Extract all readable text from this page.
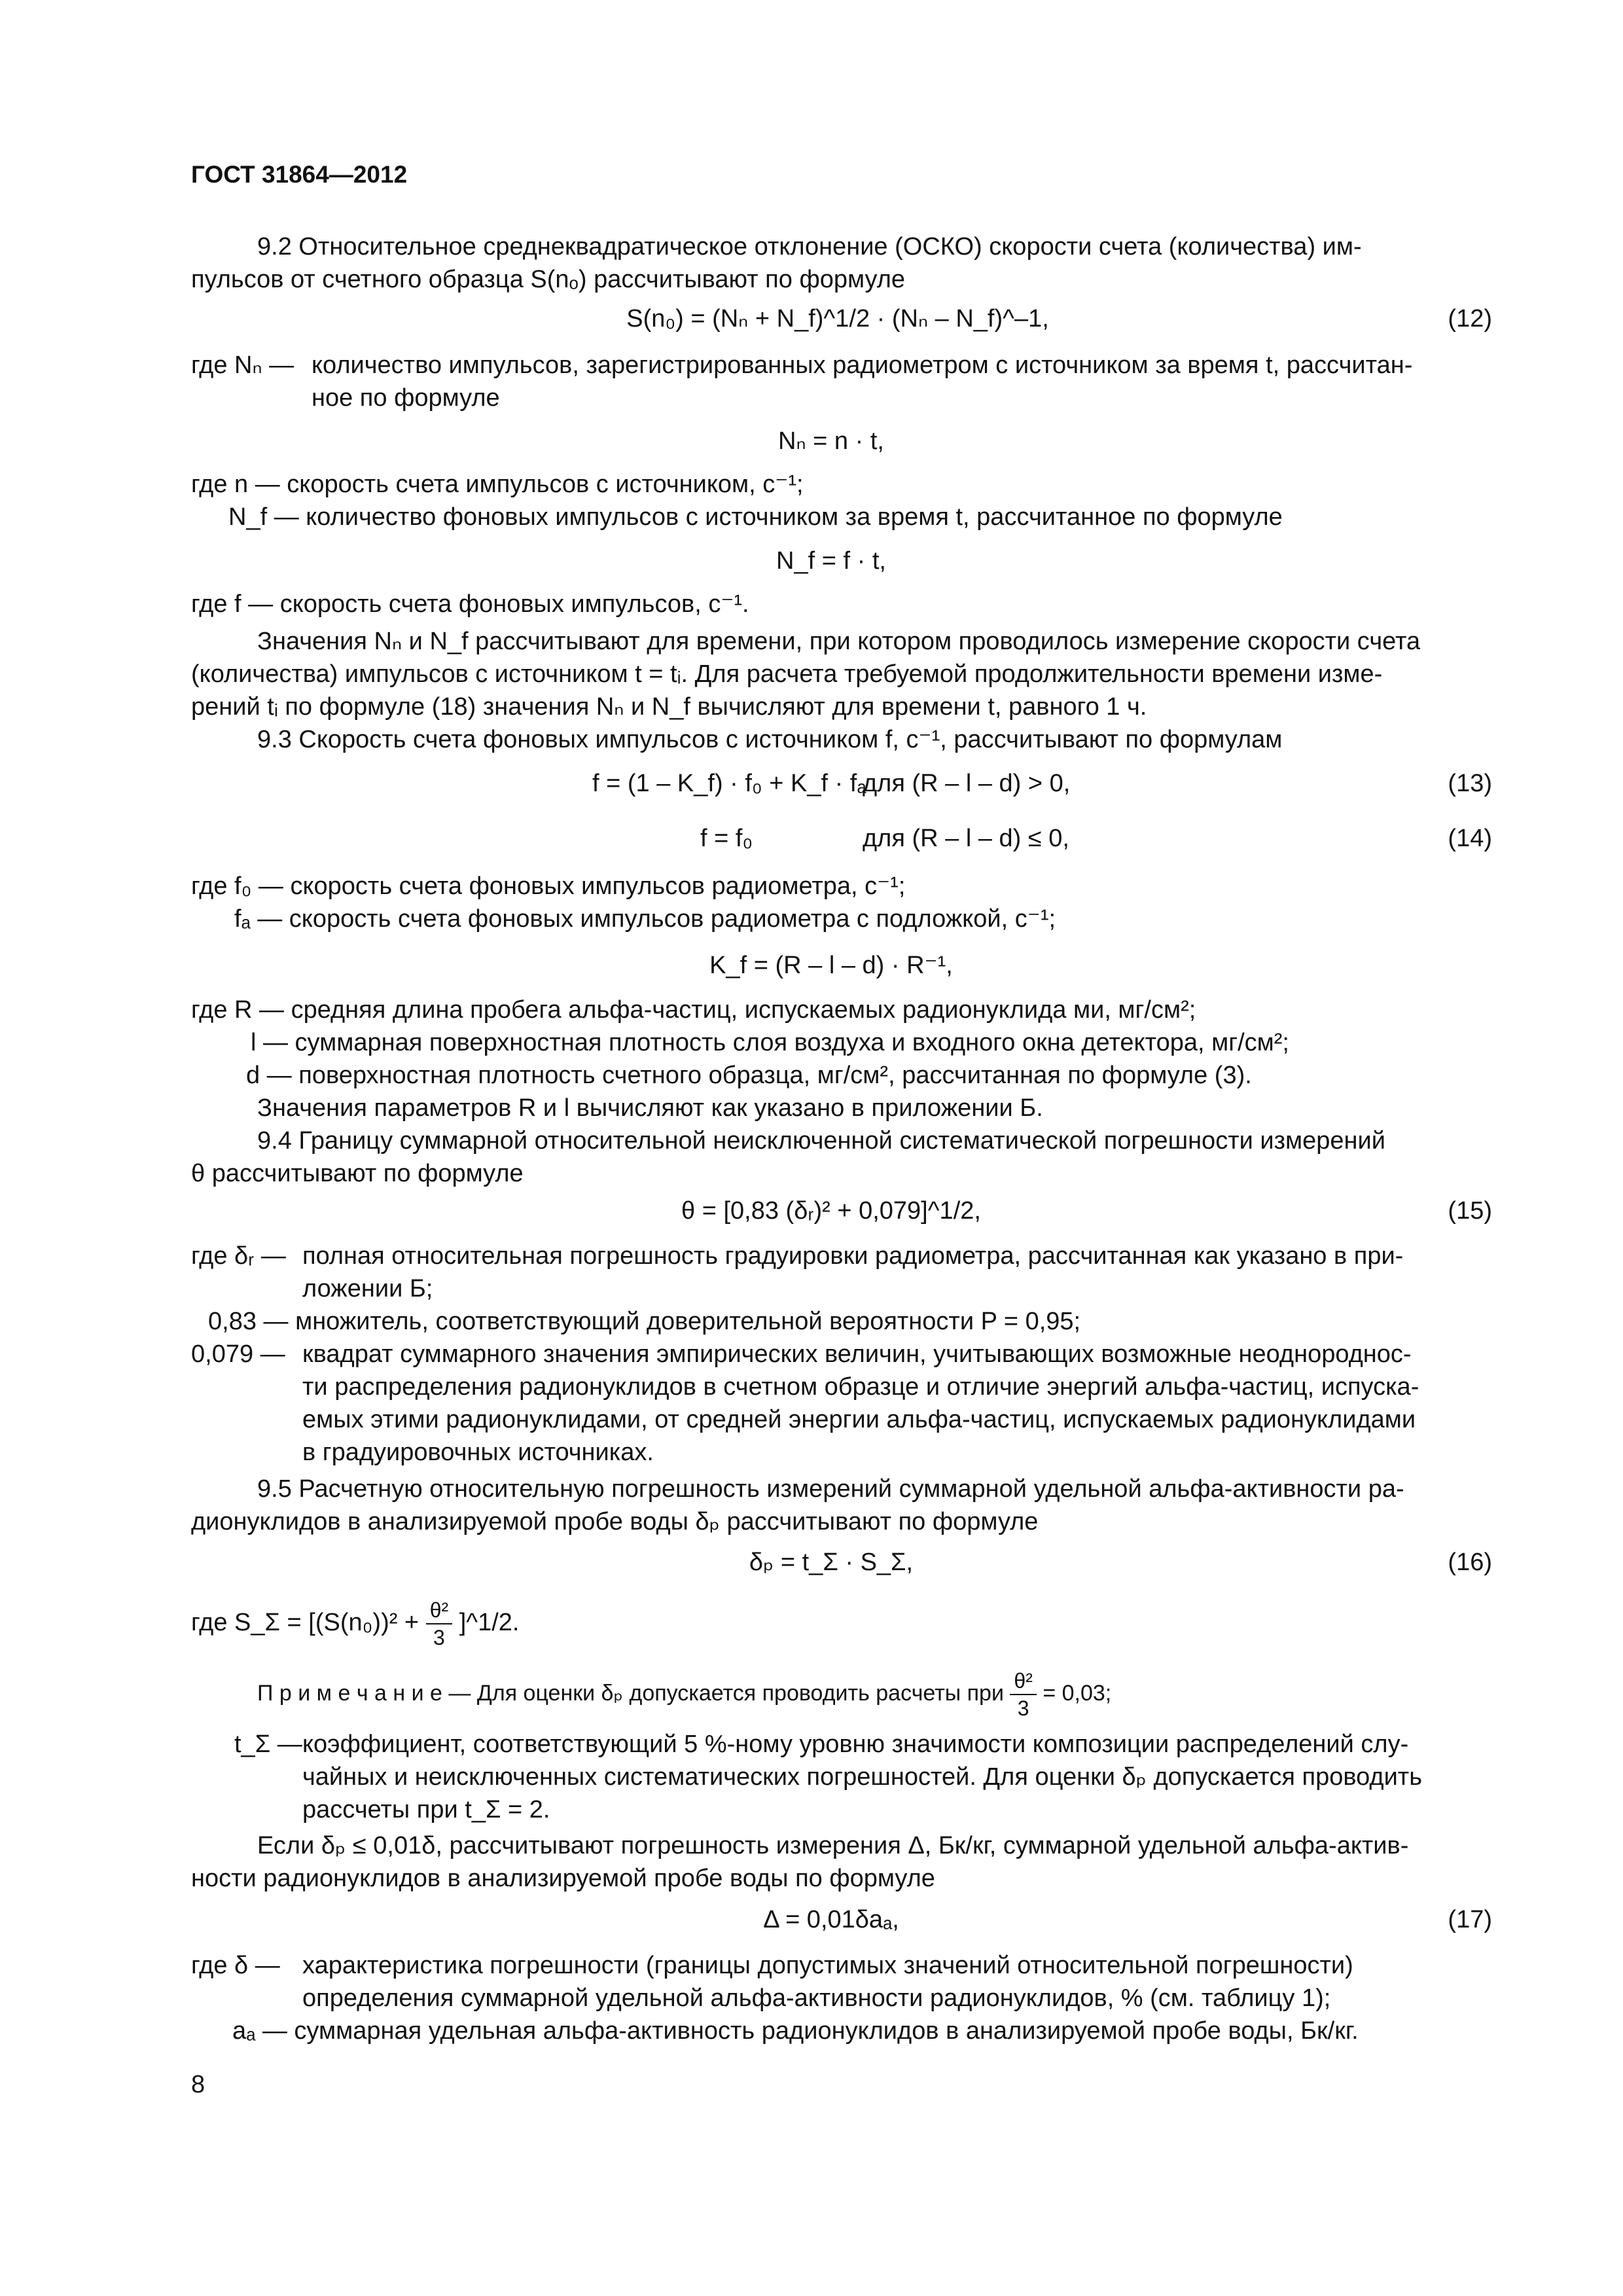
ГОСТ 31864—2012
9.2 Относительное среднеквадратическое отклонение (ОСКО) скорости счета (количества) им-
пульсов от счетного образца S(nₒ) рассчитывают по формуле
S(n₀) = (Nₙ + N_f)^1/2 · (Nₙ – N_f)^–1,	(12)
где Nₙ — количество импульсов, зарегистрированных радиометром с источником за время t, рассчитан-
ное по формуле
Nₙ = n · t,
где n — скорость счета импульсов с источником, с⁻¹;
N_f — количество фоновых импульсов с источником за время t, рассчитанное по формуле
N_f = f · t,
где f — скорость счета фоновых импульсов, с⁻¹.
Значения Nₙ и N_f рассчитывают для времени, при котором проводилось измерение скорости счета
(количества) импульсов с источником t = tᵢ. Для расчета требуемой продолжительности времени изме-
рений tᵢ по формуле (18) значения Nₙ и N_f вычисляют для времени t, равного 1 ч.
9.3 Скорость счета фоновых импульсов с источником f, с⁻¹, рассчитывают по формулам
f = (1 – K_f) · f₀ + K_f · fₐ
для (R – l – d) > 0,	(13)
f = f₀	для (R – l – d) ≤ 0,	(14)
где f₀ — скорость счета фоновых импульсов радиометра, с⁻¹;
fₐ — скорость счета фоновых импульсов радиометра с подложкой, с⁻¹;
K_f = (R – l – d) · R⁻¹,
где R — средняя длина пробега альфа-частиц, испускаемых радионуклида ми, мг/см²;
l — суммарная поверхностная плотность слоя воздуха и входного окна детектора, мг/см²;
d — поверхностная плотность счетного образца, мг/см², рассчитанная по формуле (3).
Значения параметров R и l вычисляют как указано в приложении Б.
9.4 Границу суммарной относительной неисключенной систематической погрешности измерений
θ рассчитывают по формуле
θ = [0,83 (δᵣ)² + 0,079]^1/2,	(15)
где δᵣ — полная относительная погрешность градуировки радиометра, рассчитанная как указано в при-
ложении Б;
0,83 — множитель, соответствующий доверительной вероятности P = 0,95;
0,079 — квадрат суммарного значения эмпирических величин, учитывающих возможные неоднороднос-
ти распределения радионуклидов в счетном образце и отличие энергий альфа-частиц, испуска-
емых этими радионуклидами, от средней энергии альфа-частиц, испускаемых радионуклидами
в градуировочных источниках.
9.5 Расчетную относительную погрешность измерений суммарной удельной альфа-активности ра-
дионуклидов в анализируемой пробе воды δₚ рассчитывают по формуле
δₚ = t_Σ · S_Σ,	(16)
где S_Σ = [$(S(n_0))^2 + \frac{\text{θ²}}{3}$ ]^1/2.
П р и м е ч а н и е — Для оценки δₚ допускается проводить расчеты при $\frac{\text{θ²}}{3} = 0,03$;
t_Σ — коэффициент, соответствующий 5 %-ному уровню значимости композиции распределений слу-
чайных и неисключенных систематических погрешностей. Для оценки δₚ допускается проводить
рассчеты при t_Σ = 2.
Если δₚ ≤ 0,01δ, рассчитывают погрешность измерения Δ, Бк/кг, суммарной удельной альфа-актив-
ности радионуклидов в анализируемой пробе воды по формуле
Δ = 0,01δaₐ,	(17)
где δ — характеристика погрешности (границы допустимых значений относительной погрешности)
определения суммарной удельной альфа-активности радионуклидов, % (см. таблицу 1);
aₐ — суммарная удельная альфа-активность радионуклидов в анализируемой пробе воды, Бк/кг.
8
